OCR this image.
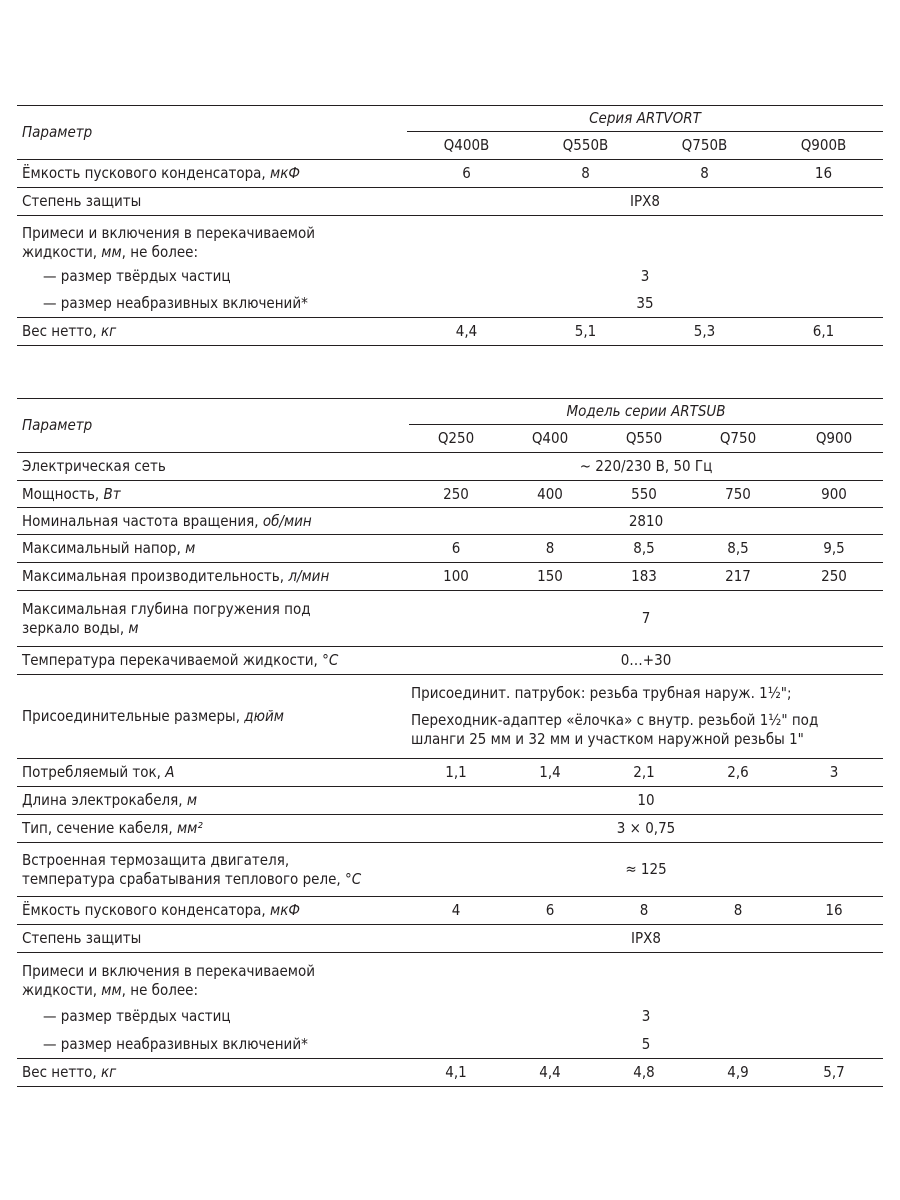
Параметр	Серия ARTVORT			
	Q400B	Q550B	Q750B	Q900B
Ёмкость пускового конденсатора, мкФ	6	8	8	16
Степень защиты	IPX8			

Примеси и включения в перекачиваемой
жидкости, мм, не более:				

— размер твёрдых частиц	3			
— размер неабразивных включений*	35			
Вес нетто, кг	4,4	5,1	5,3	6,1
Параметр	Модель серии ARTSUB				
	Q250	Q400	Q550	Q750	Q900
Электрическая сеть	~ 220/230 В, 50 Гц				
Мощность, Вт	250	400	550	750	900
Номинальная частота вращения, об/мин	2810				
Максимальный напор, м	6	8	8,5	8,5	9,5
Максимальная производительность, л/мин	100	150	183	217	250

Максимальная глубина погружения под
зеркало воды, м	7				
Температура перекачиваемой жидкости, °С	0…+30				
Присоединительные размеры, дюйм	Присоединит. патрубок: резьба трубная наруж. 1½";
Переходник-адаптер «ёлочка» с внутр. резьбой 1½" под
шланги 25 мм и 32 мм и участком наружной резьбы 1"				

Потребляемый ток, А	1,1	1,4	2,1	2,6	3
Длина электрокабеля, м	10				
Тип, сечение кабеля, мм²	3 × 0,75				

Встроенная термозащита двигателя,
температура срабатывания теплового реле, °С	≈ 125				
Ёмкость пускового конденсатора, мкФ	4	6	8	8	16
Степень защиты	IPX8				

Примеси и включения в перекачиваемой
жидкости, мм, не более:					

— размер твёрдых частиц	3				
— размер неабразивных включений*	5				
Вес нетто, кг	4,1	4,4	4,8	4,9	5,7
